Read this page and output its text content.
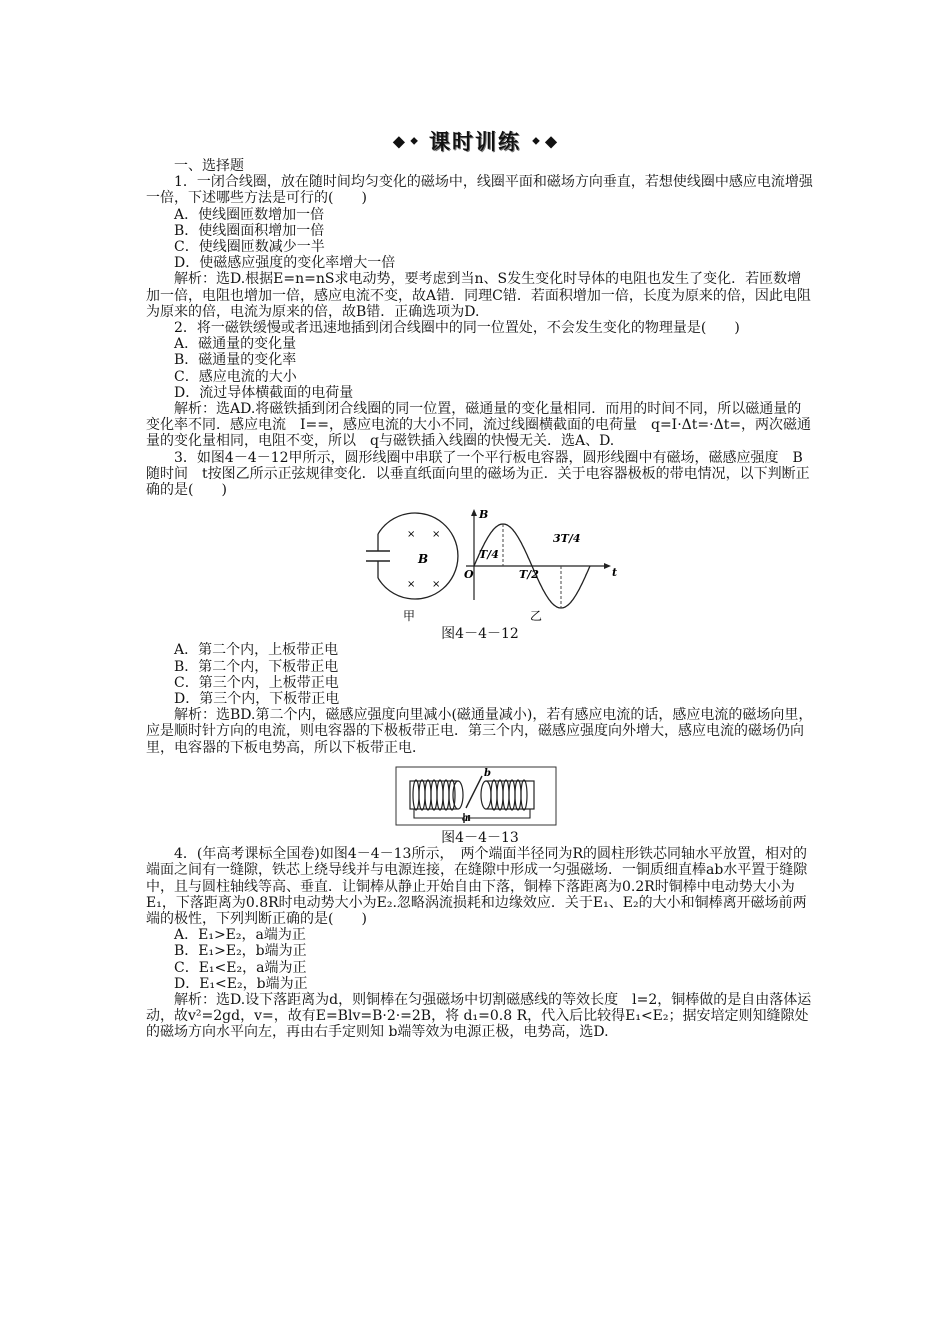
◆ ◆ 课时训练 ◆ ◆

一、选择题

1．一闭合线圈，放在随时间均匀变化的磁场中，线圈平面和磁场方向垂直，若想使线圈中感应电流增强一倍，下述哪些方法是可行的(　　)

A．使线圈匝数增加一倍

B．使线圈面积增加一倍

C．使线圈匝数减少一半

D．使磁感应强度的变化率增大一倍

解析：选D.根据E=n=nS求电动势，要考虑到当n、S发生变化时导体的电阻也发生了变化．若匝数增加一倍，电阻也增加一倍，感应电流不变，故A错．同理C错．若面积增加一倍，长度为原来的倍，因此电阻为原来的倍，电流为原来的倍，故B错．正确选项为D.

2．将一磁铁缓慢或者迅速地插到闭合线圈中的同一位置处，不会发生变化的物理量是(　　)

A．磁通量的变化量

B．磁通量的变化率

C．感应电流的大小

D．流过导体横截面的电荷量

解析：选AD.将磁铁插到闭合线圈的同一位置，磁通量的变化量相同．而用的时间不同，所以磁通量的变化率不同．感应电流　I==，感应电流的大小不同，流过线圈横截面的电荷量　q=I·Δt=·Δt=，两次磁通量的变化量相同，电阻不变，所以　q与磁铁插入线圈的快慢无关．选A、D.

3．如图4－4－12甲所示，圆形线圈中串联了一个平行板电容器，圆形线圈中有磁场，磁感应强度　B随时间　t按图乙所示正弦规律变化．以垂直纸面向里的磁场为正．关于电容器极板的带电情况，以下判断正确的是(　　)

× ×
× ×
B
B
t
O
T/4
T/2
3T/4
甲	乙

图4－4－12

A．第二个内，上板带正电

B．第二个内，下板带正电

C．第三个内，上板带正电

D．第三个内，下板带正电

解析：选BD.第二个内，磁感应强度向里减小(磁通量减小)，若有感应电流的话，感应电流的磁场向里，应是顺时针方向的电流，则电容器的下极板带正电．第三个内，磁感应强度向外增大，感应电流的磁场仍向里，电容器的下板电势高，所以下板带正电．

a
b

图4－4－13

4．(年高考课标全国卷)如图4－4－13所示，　两个端面半径同为R的圆柱形铁芯同轴水平放置，相对的端面之间有一缝隙，铁芯上绕导线并与电源连接，在缝隙中形成一匀强磁场．一铜质细直棒ab水平置于缝隙中，且与圆柱轴线等高、垂直．让铜棒从静止开始自由下落，铜棒下落距离为0.2R时铜棒中电动势大小为E₁，下落距离为0.8R时电动势大小为E₂.忽略涡流损耗和边缘效应．关于E₁、E₂的大小和铜棒离开磁场前两端的极性，下列判断正确的是(　　)

A．E₁>E₂，a端为正

B．E₁>E₂，b端为正

C．E₁<E₂，a端为正

D．E₁<E₂，b端为正

解析：选D.设下落距离为d，则铜棒在匀强磁场中切割磁感线的等效长度　l=2，铜棒做的是自由落体运动，故v²=2gd，v=，故有E=Blv=B·2·=2B，将 d₁=0.8 R，代入后比较得E₁<E₂；据安培定则知缝隙处的磁场方向水平向左，再由右手定则知 b端等效为电源正极，电势高，选D.
